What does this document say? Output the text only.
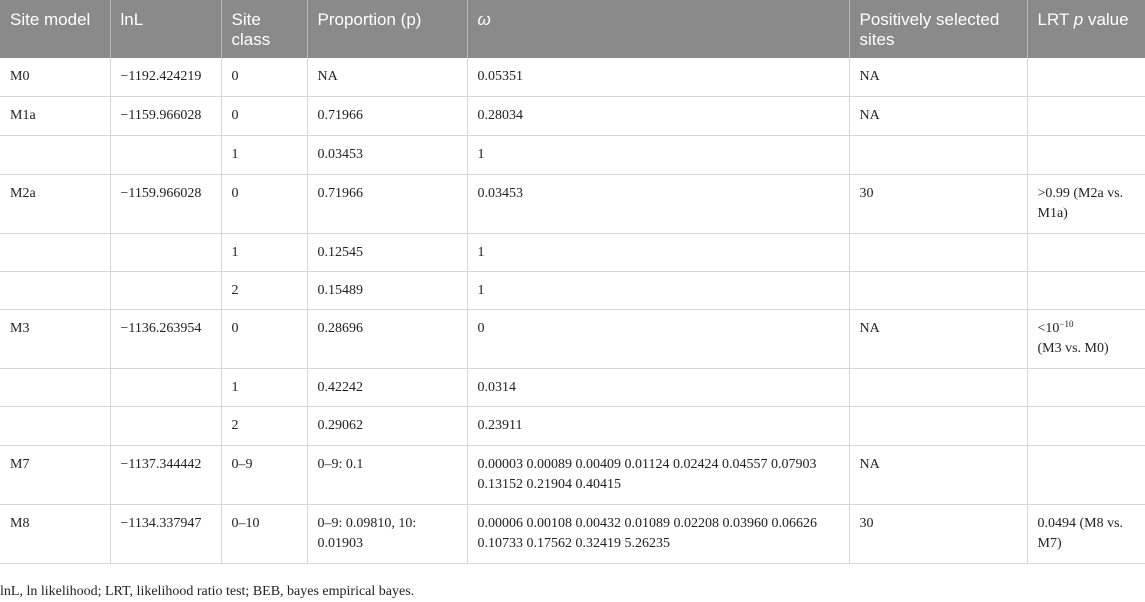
Site model	lnL	Site class	Proportion (p)	ω	Positively selected sites	LRT p value
M0	−1192.424219	0	NA	0.05351	NA	
M1a	−1159.966028	0	0.71966	0.28034	NA	
		1	0.03453	1		
M2a	−1159.966028	0	0.71966	0.03453	30	>0.99 (M2a vs. M1a)
		1	0.12545	1		
		2	0.15489	1		
M3	−1136.263954	0	0.28696	0	NA	$<10^{-10}$
(M3 vs. M0)
		1	0.42242	0.0314		
		2	0.29062	0.23911		
M7	−1137.344442	0–9	0–9: 0.1	0.00003 0.00089 0.00409 0.01124 0.02424 0.04557 0.07903 0.13152 0.21904 0.40415	NA	
M8	−1134.337947	0–10	0–9: 0.09810, 10: 0.01903	0.00006 0.00108 0.00432 0.01089 0.02208 0.03960 0.06626 0.10733 0.17562 0.32419 5.26235	30	0.0494 (M8 vs. M7)
lnL, ln likelihood; LRT, likelihood ratio test; BEB, bayes empirical bayes.
